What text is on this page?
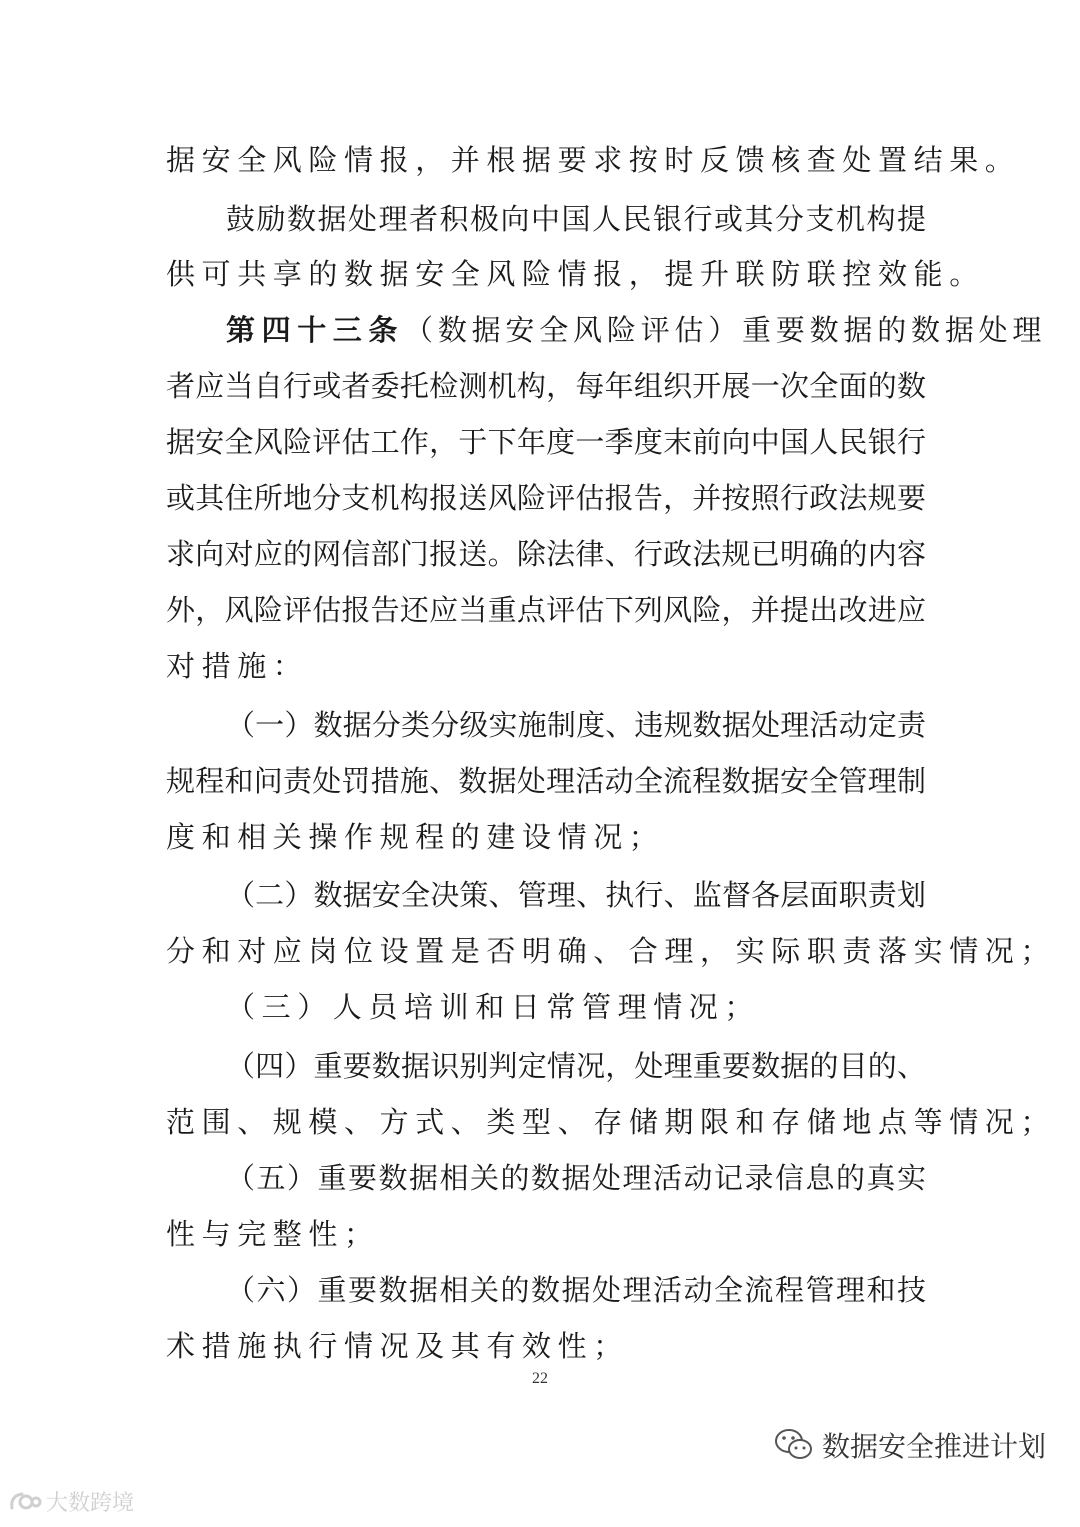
据安全风险情报，并根据要求按时反馈核查处置结果。
鼓励数据处理者积极向中国人民银行或其分支机构提
供可共享的数据安全风险情报，提升联防联控效能。
第四十三条（数据安全风险评估）重要数据的数据处理
者应当自行或者委托检测机构，每年组织开展一次全面的数
据安全风险评估工作，于下年度一季度末前向中国人民银行
或其住所地分支机构报送风险评估报告，并按照行政法规要
求向对应的网信部门报送。除法律、行政法规已明确的内容
外，风险评估报告还应当重点评估下列风险，并提出改进应
对措施：
（一）数据分类分级实施制度、违规数据处理活动定责
规程和问责处罚措施、数据处理活动全流程数据安全管理制
度和相关操作规程的建设情况；
（二）数据安全决策、管理、执行、监督各层面职责划
分和对应岗位设置是否明确、合理，实际职责落实情况；
（三）人员培训和日常管理情况；
（四）重要数据识别判定情况，处理重要数据的目的、
范围、规模、方式、类型、存储期限和存储地点等情况；
（五）重要数据相关的数据处理活动记录信息的真实
性与完整性；
（六）重要数据相关的数据处理活动全流程管理和技
术措施执行情况及其有效性；
22
数据安全推进计划
大数跨境
